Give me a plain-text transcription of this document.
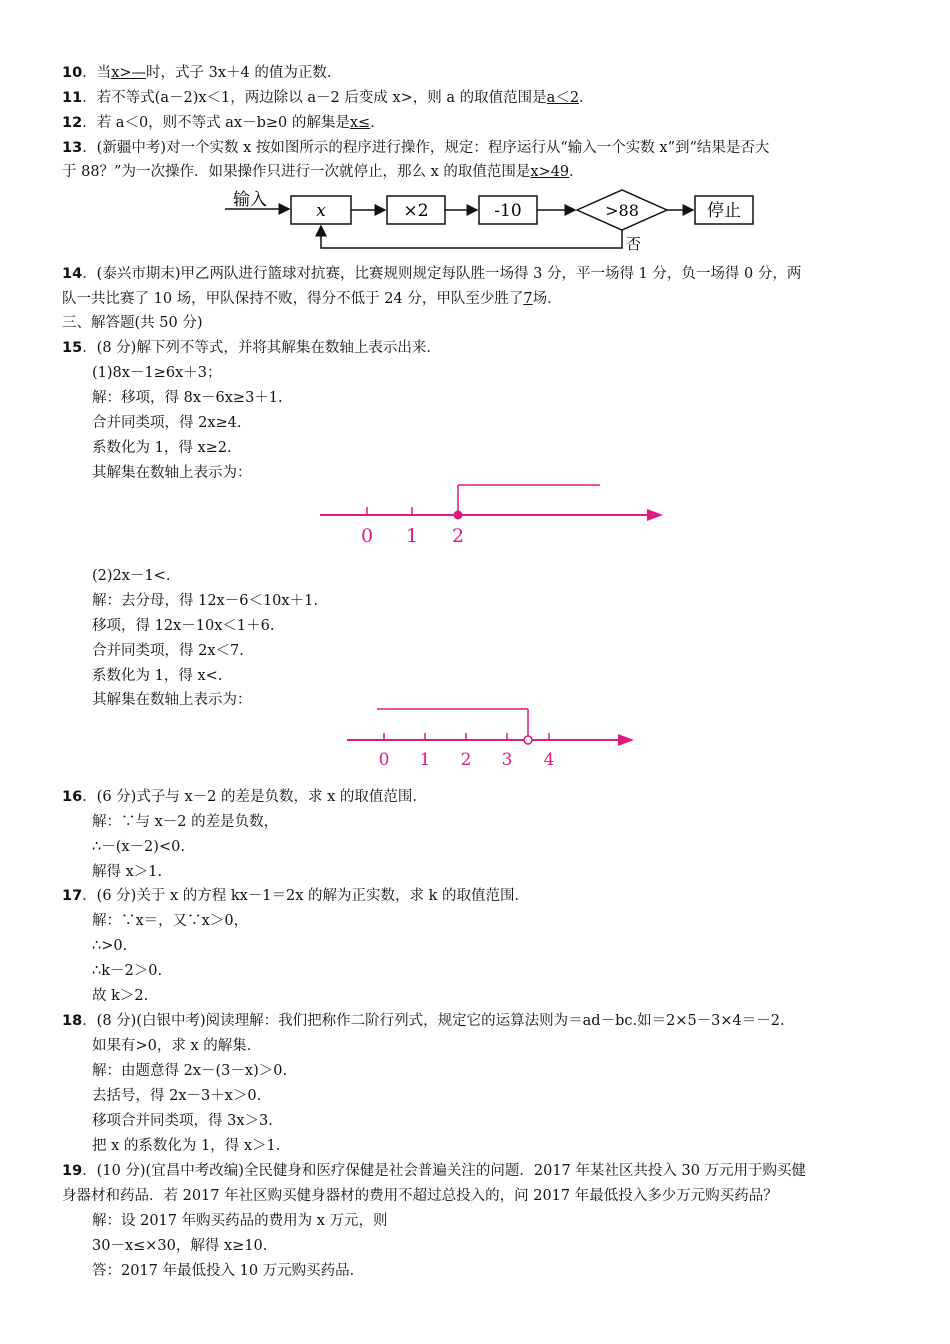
10．当x>—时，式子 3x＋4 的值为正数．
11．若不等式(a－2)x＜1，两边除以 a－2 后变成 x>，则 a 的取值范围是a＜2．
12．若 a＜0，则不等式 ax－b≥0 的解集是x≤．
13．(新疆中考)对一个实数 x 按如图所示的程序进行操作，规定：程序运行从“输入一个实数 x”到“结果是否大
于 88？”为一次操作．如果操作只进行一次就停止，那么 x 的取值范围是x>49．
输入
x	×2	-10	>88	停止
否
14．(泰兴市期末)甲乙两队进行篮球对抗赛，比赛规则规定每队胜一场得 3 分，平一场得 1 分，负一场得 0 分，两
队一共比赛了 10 场，甲队保持不败，得分不低于 24 分，甲队至少胜了7场．
三、解答题(共 50 分)
15．(8 分)解下列不等式，并将其解集在数轴上表示出来．
(1)8x－1≥6x＋3；
解：移项，得 8x－6x≥3＋1.
合并同类项，得 2x≥4.
系数化为 1，得 x≥2.
其解集在数轴上表示为：
0 1 2
(2)2x－1<.
解：去分母，得 12x－6＜10x＋1.
移项，得 12x－10x＜1＋6.
合并同类项，得 2x＜7.
系数化为 1，得 x<.
其解集在数轴上表示为：
0 1 2 3 4
16．(6 分)式子与 x－2 的差是负数，求 x 的取值范围．
解：∵与 x－2 的差是负数，
∴－(x－2)<0.
解得 x＞1.
17．(6 分)关于 x 的方程 kx－1＝2x 的解为正实数，求 k 的取值范围．
解：∵x＝，又∵x＞0，
∴>0.
∴k－2＞0.
故 k＞2.
18．(8 分)(白银中考)阅读理解：我们把称作二阶行列式，规定它的运算法则为＝ad－bc.如＝2×5－3×4＝－2.
如果有>0，求 x 的解集．
解：由题意得 2x－(3－x)＞0.
去括号，得 2x－3＋x＞0.
移项合并同类项，得 3x＞3.
把 x 的系数化为 1，得 x＞1.
19．(10 分)(宜昌中考改编)全民健身和医疗保健是社会普遍关注的问题．2017 年某社区共投入 30 万元用于购买健
身器材和药品．若 2017 年社区购买健身器材的费用不超过总投入的，问 2017 年最低投入多少万元购买药品？
解：设 2017 年购买药品的费用为 x 万元，则
30－x≤×30，解得 x≥10.
答：2017 年最低投入 10 万元购买药品．
